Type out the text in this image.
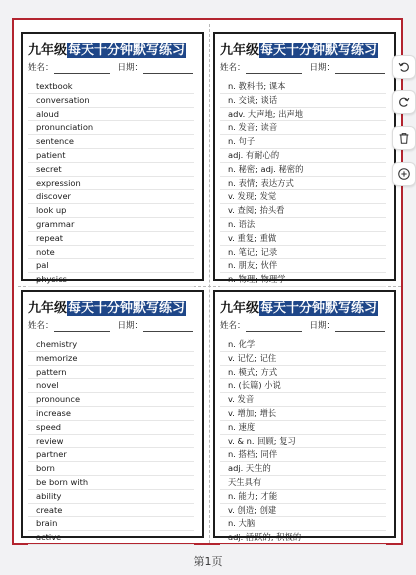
九年级每天十分钟默写练习
姓名：	日期：
textbook
conversation
aloud
pronunciation
sentence
patient
secret
expression
discover
look up
grammar
repeat
note
pal
physics
九年级每天十分钟默写练习
姓名：	日期：
n. 教科书; 课本
n. 交谈; 谈话
adv. 大声地; 出声地
n. 发音; 读音
n. 句子
adj. 有耐心的
n. 秘密; adj. 秘密的
n. 表情; 表达方式
v. 发现; 发觉
v. 查阅; 抬头看
n. 语法
v. 重复; 重做
n. 笔记; 记录
n. 朋友; 伙伴
n. 物理; 物理学
九年级每天十分钟默写练习
姓名：	日期：
chemistry
memorize
pattern
novel
pronounce
increase
speed
review
partner
born
be born with
ability
create
brain
active
九年级每天十分钟默写练习
姓名：	日期：
n. 化学
v. 记忆; 记住
n. 模式; 方式
n. (长篇) 小说
v. 发音
v. 增加; 增长
n. 速度
v. & n. 回顾; 复习
n. 搭档; 同伴
adj. 天生的
天生具有
n. 能力; 才能
v. 创造; 创建
n. 大脑
adj. 活跃的; 积极的
第1页
